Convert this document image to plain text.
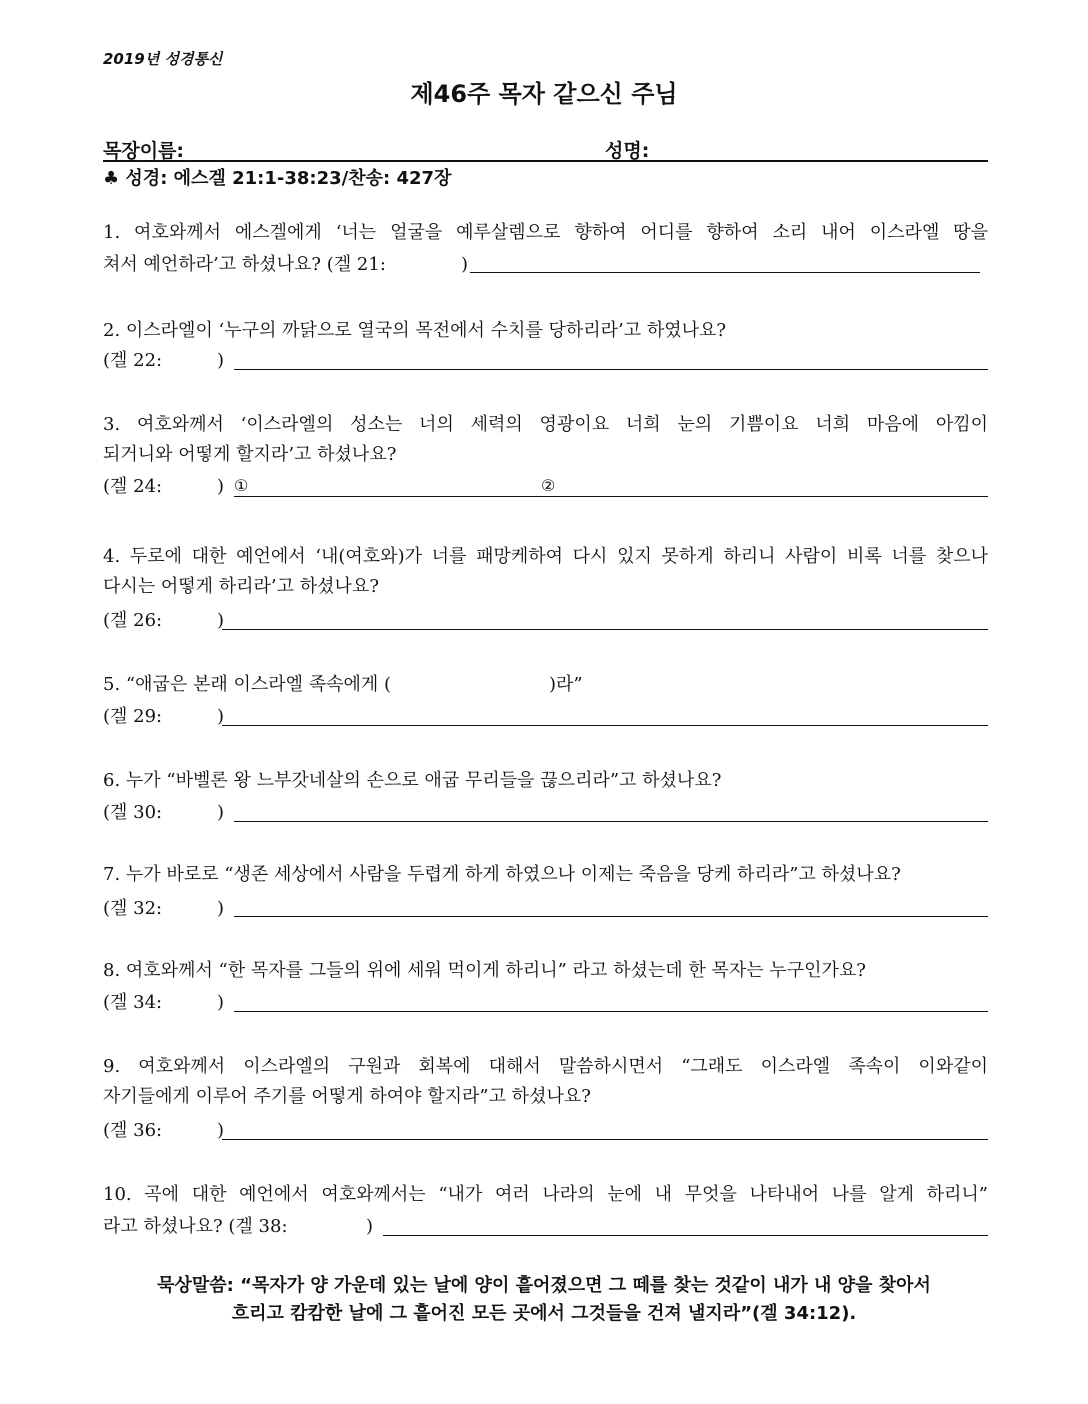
2019년 성경통신
제46주 목자 같으신 주님
목장이름:	성명:
♣ 성경: 에스겔 21:1-38:23/찬송: 427장
1. 여호와께서 에스겔에게 ‘너는 얼굴을 예루살렘으로 향하여 어디를 향하여 소리 내어 이스라엘 땅을
쳐서 예언하라’고 하셨나요? (겔 21:	)
2. 이스라엘이 ‘누구의 까닭으로 열국의 목전에서 수치를 당하리라’고 하였나요?
(겔 22:	)
3. 여호와께서 ‘이스라엘의 성소는 너의 세력의 영광이요 너희 눈의 기쁨이요 너희 마음에 아낌이
되거니와 어떻게 할지라’고 하셨나요?
(겔 24:	) ①	②
4. 두로에 대한 예언에서 ‘내(여호와)가 너를 패망케하여 다시 있지 못하게 하리니 사람이 비록 너를 찾으나
다시는 어떻게 하리라’고 하셨나요?
(겔 26:	)
5. “애굽은 본래 이스라엘 족속에게 (	)라”
(겔 29:	)
6. 누가 “바벨론 왕 느부갓네살의 손으로 애굽 무리들을 끊으리라”고 하셨나요?
(겔 30:	)
7. 누가 바로로 “생존 세상에서 사람을 두렵게 하게 하였으나 이제는 죽음을 당케 하리라”고 하셨나요?
(겔 32:	)
8. 여호와께서 “한 목자를 그들의 위에 세워 먹이게 하리니” 라고 하셨는데 한 목자는 누구인가요?
(겔 34:	)
9. 여호와께서 이스라엘의 구원과 회복에 대해서 말씀하시면서 “그래도 이스라엘 족속이 이와같이
자기들에게 이루어 주기를 어떻게 하여야 할지라”고 하셨나요?
(겔 36:	)
10. 곡에 대한 예언에서 여호와께서는 “내가 여러 나라의 눈에 내 무엇을 나타내어 나를 알게 하리니”
라고 하셨나요? (겔 38:	)
묵상말씀: “목자가 양 가운데 있는 날에 양이 흩어졌으면 그 떼를 찾는 것같이 내가 내 양을 찾아서
흐리고 캄캄한 날에 그 흩어진 모든 곳에서 그것들을 건져 낼지라”(겔 34:12).
